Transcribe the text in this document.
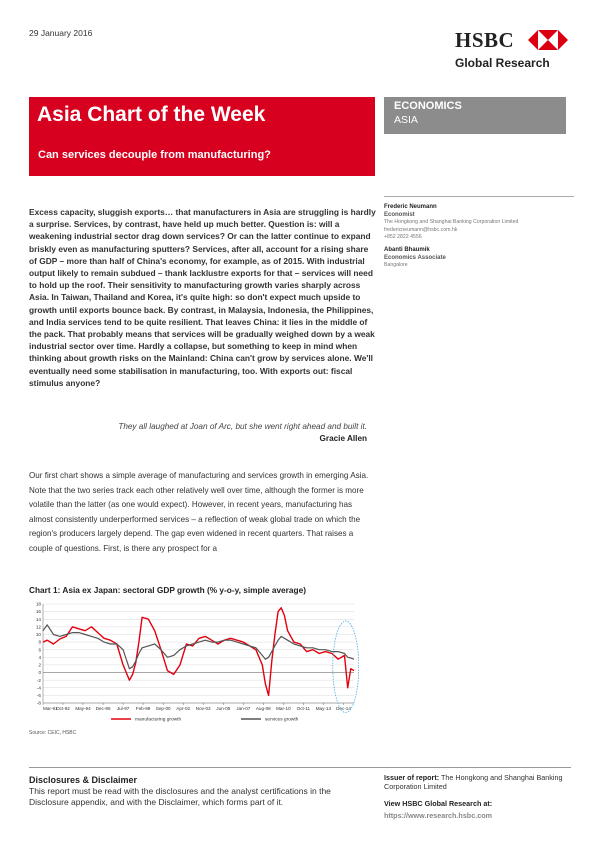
29 January 2016	HSBC
Global Research
Asia Chart of the Week
Can services decouple from manufacturing?
ECONOMICS
ASIA
Frederic Neumann
Economist
The Hongkong and Shanghai Banking Corporation Limited
fredericneumann@hsbc.com.hk
+852 2822 4556
Abanti Bhaumik
Economics Associate
Bangalore

Excess capacity, sluggish exports… that manufacturers in Asia are struggling is hardly a surprise. Services, by contrast, have held up much better. Question is: will a weakening industrial sector drag down services? Or can the latter continue to expand briskly even as manufacturing sputters? Services, after all, account for a rising share of GDP – more than half of China's economy, for example, as of 2015. With industrial output likely to remain subdued – thank lacklustre exports for that – services will need to hold up the roof. Their sensitivity to manufacturing growth varies sharply across Asia. In Taiwan, Thailand and Korea, it's quite high: so don't expect much upside to growth until exports bounce back. By contrast, in Malaysia, Indonesia, the Philippines, and India services tend to be quite resilient. That leaves China: it lies in the middle of the pack. That probably means that services will be gradually weighed down by a weak industrial sector over time. Hardly a collapse, but something to keep in mind when thinking about growth risks on the Mainland: China can't grow by services alone. We'll eventually need some stabilisation in manufacturing, too. With exports out: fiscal stimulus anyone?

They all laughed at Joan of Arc, but she went right ahead and built it.
Gracie Allen

Our first chart shows a simple average of manufacturing and services growth in emerging Asia. Note that the two series track each other relatively well over time, although the former is more volatile than the latter (as one would expect). However, in recent years, manufacturing has almost consistently underperformed services – a reflection of weak global trade on which the region's producers largely depend. The gap even widened in recent quarters. That raises a couple of questions. First, is there any prospect for a

Chart 1: Asia ex Japan: sectoral GDP growth (% y-o-y, simple average)
-8
-6
-4
-2
0
2
4
6
8
10
12
14
16
18
Mar-91
Oct-92 May-94 Dec-95 Jul-97 Feb-99 Sep-00 Apr-02 Nov-03 Jun-05 Jan-07 Aug-08 Mar-10 Oct-11 May-13 Dec-14
manufacturing growth	services growth
Source: CEIC, HSBC
Disclosures & Disclaimer
This report must be read with the disclosures and the analyst certifications in the Disclosure appendix, and with the Disclaimer, which forms part of it.
Issuer of report: The Hongkong and Shanghai Banking Corporation Limited
View HSBC Global Research at:
https://www.research.hsbc.com
